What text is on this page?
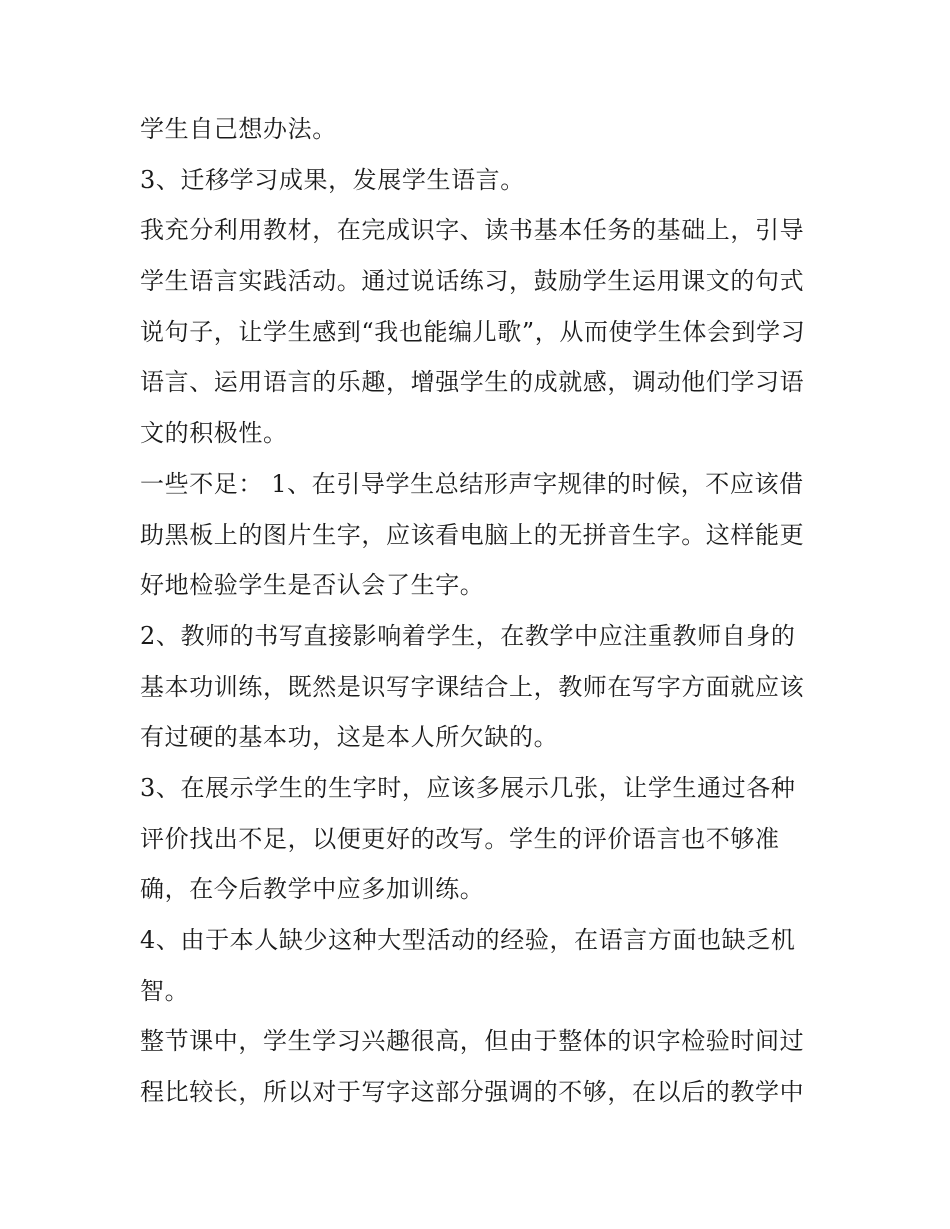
学生自己想办法。
3、迁移学习成果，发展学生语言。
我充分利用教材，在完成识字、读书基本任务的基础上，引导
学生语言实践活动。通过说话练习，鼓励学生运用课文的句式
说句子，让学生感到“我也能编儿歌”，从而使学生体会到学习
语言、运用语言的乐趣，增强学生的成就感，调动他们学习语
文的积极性。
一些不足： 1、在引导学生总结形声字规律的时候，不应该借
助黑板上的图片生字，应该看电脑上的无拼音生字。这样能更
好地检验学生是否认会了生字。
2、教师的书写直接影响着学生，在教学中应注重教师自身的
基本功训练，既然是识写字课结合上，教师在写字方面就应该
有过硬的基本功，这是本人所欠缺的。
3、在展示学生的生字时，应该多展示几张，让学生通过各种
评价找出不足，以便更好的改写。学生的评价语言也不够准
确，在今后教学中应多加训练。
4、由于本人缺少这种大型活动的经验，在语言方面也缺乏机
智。
整节课中，学生学习兴趣很高，但由于整体的识字检验时间过
程比较长，所以对于写字这部分强调的不够，在以后的教学中
